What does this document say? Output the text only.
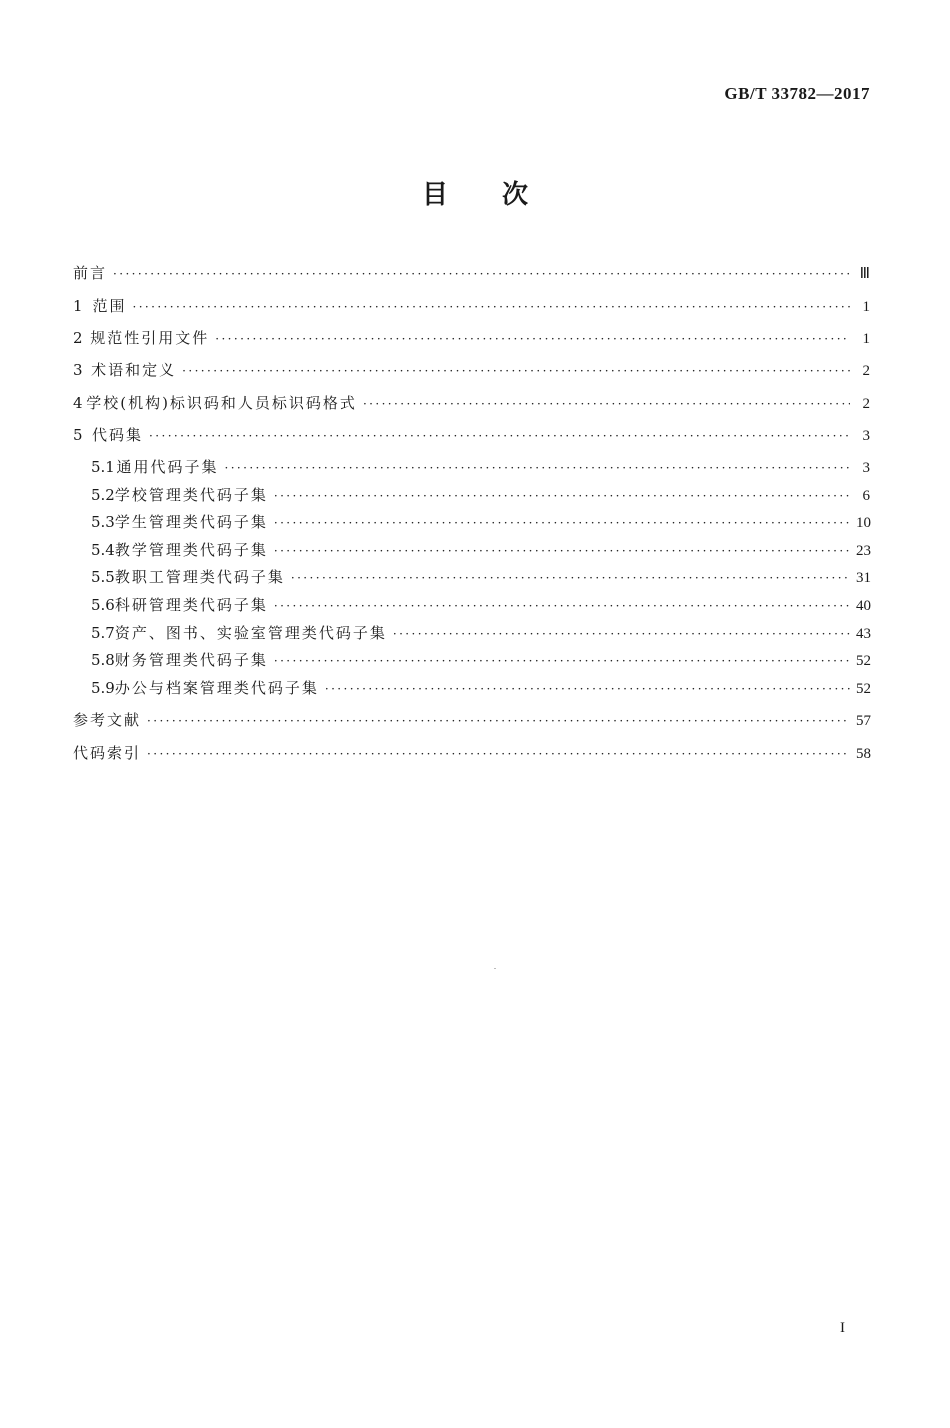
GB/T 33782—2017
目 次
前言 ·····	Ⅲ
1 范围 ·····	1
2 规范性引用文件 ·····	1
3 术语和定义 ·····	2
4 学校(机构)标识码和人员标识码格式 ·····	2
5 代码集 ·····	3
5.1 通用代码子集 ·····	3
5.2 学校管理类代码子集 ·····	6
5.3 学生管理类代码子集 ·····	10
5.4 教学管理类代码子集 ·····	23
5.5 教职工管理类代码子集 ·····	31
5.6 科研管理类代码子集 ·····	40
5.7 资产、图书、实验室管理类代码子集 ·····	43
5.8 财务管理类代码子集 ·····	52
5.9 办公与档案管理类代码子集 ·····	52
参考文献 ·····	57
代码索引 ·····	58
I
